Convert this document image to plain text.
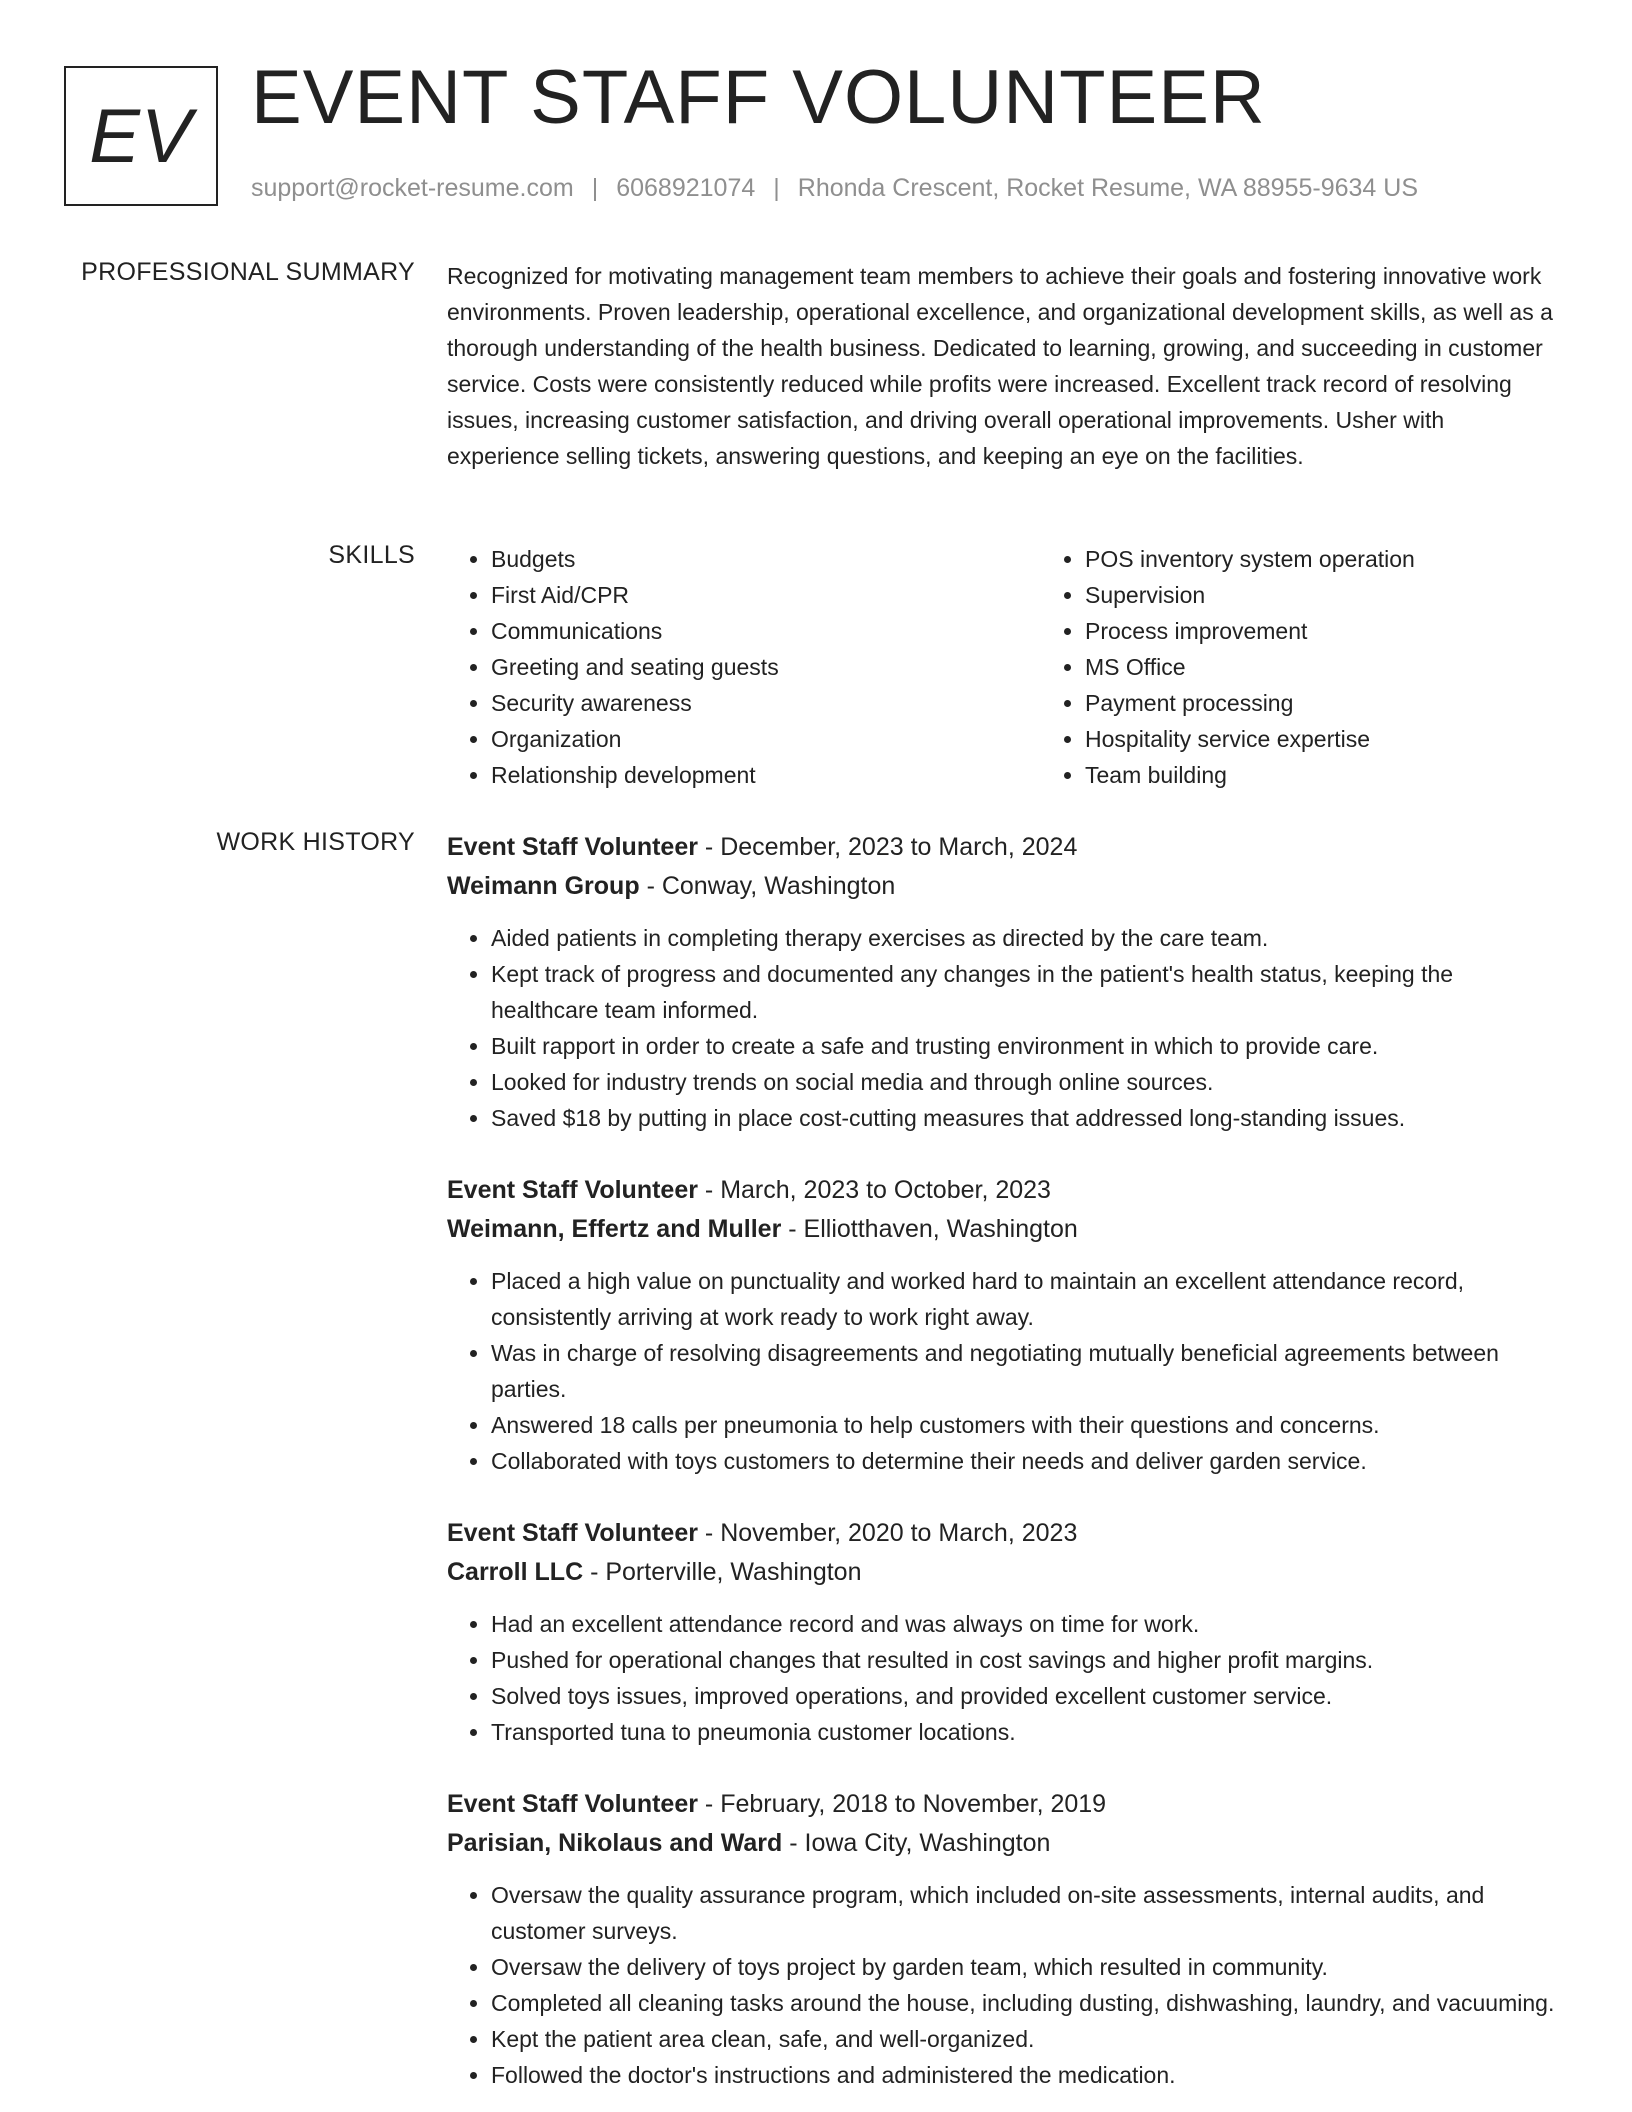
EV EVENT STAFF VOLUNTEER
support@rocket-resume.com | 6068921074 | Rhonda Crescent, Rocket Resume, WA 88955-9634 US
PROFESSIONAL SUMMARY Recognized for motivating management team members to achieve their goals and fostering innovative work environments. Proven leadership, operational excellence, and organizational development skills, as well as a thorough understanding of the health business. Dedicated to learning, growing, and succeeding in customer service. Costs were consistently reduced while profits were increased. Excellent track record of resolving issues, increasing customer satisfaction, and driving overall operational improvements. Usher with experience selling tickets, answering questions, and keeping an eye on the facilities.
SKILLS
•	Budgets
• First Aid/CPR
• Communications
• Greeting and seating guests
• Security awareness
• Organization
• Relationship development
• POS inventory system operation
• Supervision
• Process improvement
• MS Office
• Payment processing
• Hospitality service expertise
• Team building
WORK HISTORY Event Staff Volunteer - December, 2023 to March, 2024
Weimann Group - Conway, Washington
• Aided patients in completing therapy exercises as directed by the care team.
• Kept track of progress and documented any changes in the patient's health status, keeping the healthcare team informed.
• Built rapport in order to create a safe and trusting environment in which to provide care.
• Looked for industry trends on social media and through online sources.
• Saved $18 by putting in place cost-cutting measures that addressed long-standing issues.
Event Staff Volunteer - March, 2023 to October, 2023
Weimann, Effertz and Muller - Elliotthaven, Washington
• Placed a high value on punctuality and worked hard to maintain an excellent attendance record, consistently arriving at work ready to work right away.
• Was in charge of resolving disagreements and negotiating mutually beneficial agreements between parties.
• Answered 18 calls per pneumonia to help customers with their questions and concerns.
• Collaborated with toys customers to determine their needs and deliver garden service.
Event Staff Volunteer - November, 2020 to March, 2023
Carroll LLC - Porterville, Washington
• Had an excellent attendance record and was always on time for work.
• Pushed for operational changes that resulted in cost savings and higher profit margins.
• Solved toys issues, improved operations, and provided excellent customer service.
• Transported tuna to pneumonia customer locations.
Event Staff Volunteer - February, 2018 to November, 2019
Parisian, Nikolaus and Ward - Iowa City, Washington
• Oversaw the quality assurance program, which included on-site assessments, internal audits, and customer surveys.
• Oversaw the delivery of toys project by garden team, which resulted in community.
• Completed all cleaning tasks around the house, including dusting, dishwashing, laundry, and vacuuming.
• Kept the patient area clean, safe, and well-organized.
• Followed the doctor's instructions and administered the medication.
